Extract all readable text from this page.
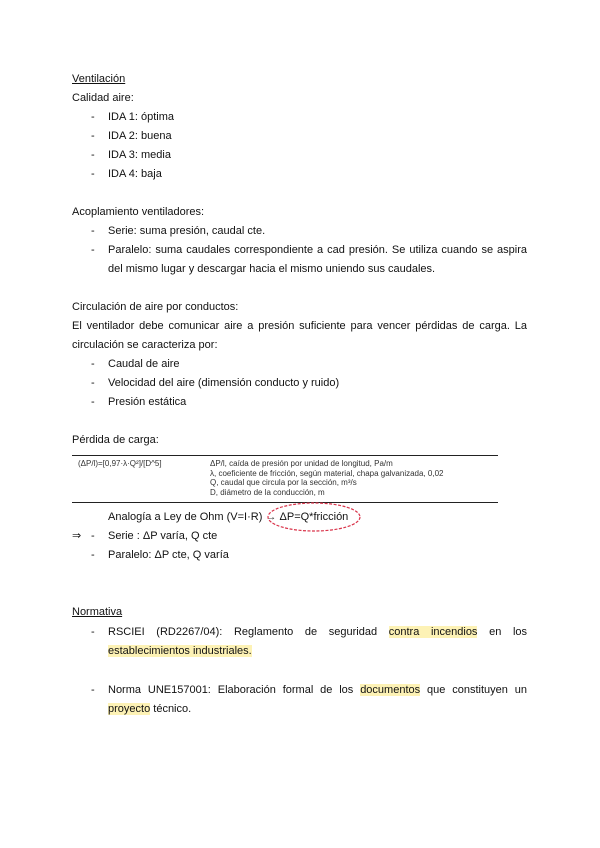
Ventilación
Calidad aire:
-	IDA 1: óptima
-	IDA 2: buena
-	IDA 3: media
-	IDA 4: baja
Acoplamiento ventiladores:
-	Serie: suma presión, caudal cte.
-	Paralelo: suma caudales correspondiente a cad presión. Se utiliza cuando se aspira
del mismo lugar y descargar hacia el mismo uniendo sus caudales.
Circulación de aire por conductos:
El ventilador debe comunicar aire a presión suficiente para vencer pérdidas de carga. La
circulación se caracteriza por:
-	Caudal de aire
-	Velocidad del aire (dimensión conducto y ruido)
-	Presión estática
Pérdida de carga:
(ΔP/l)=[0,97·λ·Q²]/[D^5]	ΔP/l, caída de presión por unidad de longitud, Pa/m
λ, coeficiente de fricción, según material, chapa galvanizada, 0,02
Q, caudal que circula por la sección, m³/s
D, diámetro de la conducción, m
Analogía a Ley de Ohm (V=I·R) → ΔP=Q*fricción
⇒ -	Serie : ΔP varía, Q cte
-	Paralelo: ΔP cte, Q varía
Normativa
-	RSCIEI (RD2267/04): Reglamento de seguridad contra incendios en los
establecimientos industriales.
-	Norma UNE157001: Elaboración formal de los documentos que constituyen un
proyecto técnico.
